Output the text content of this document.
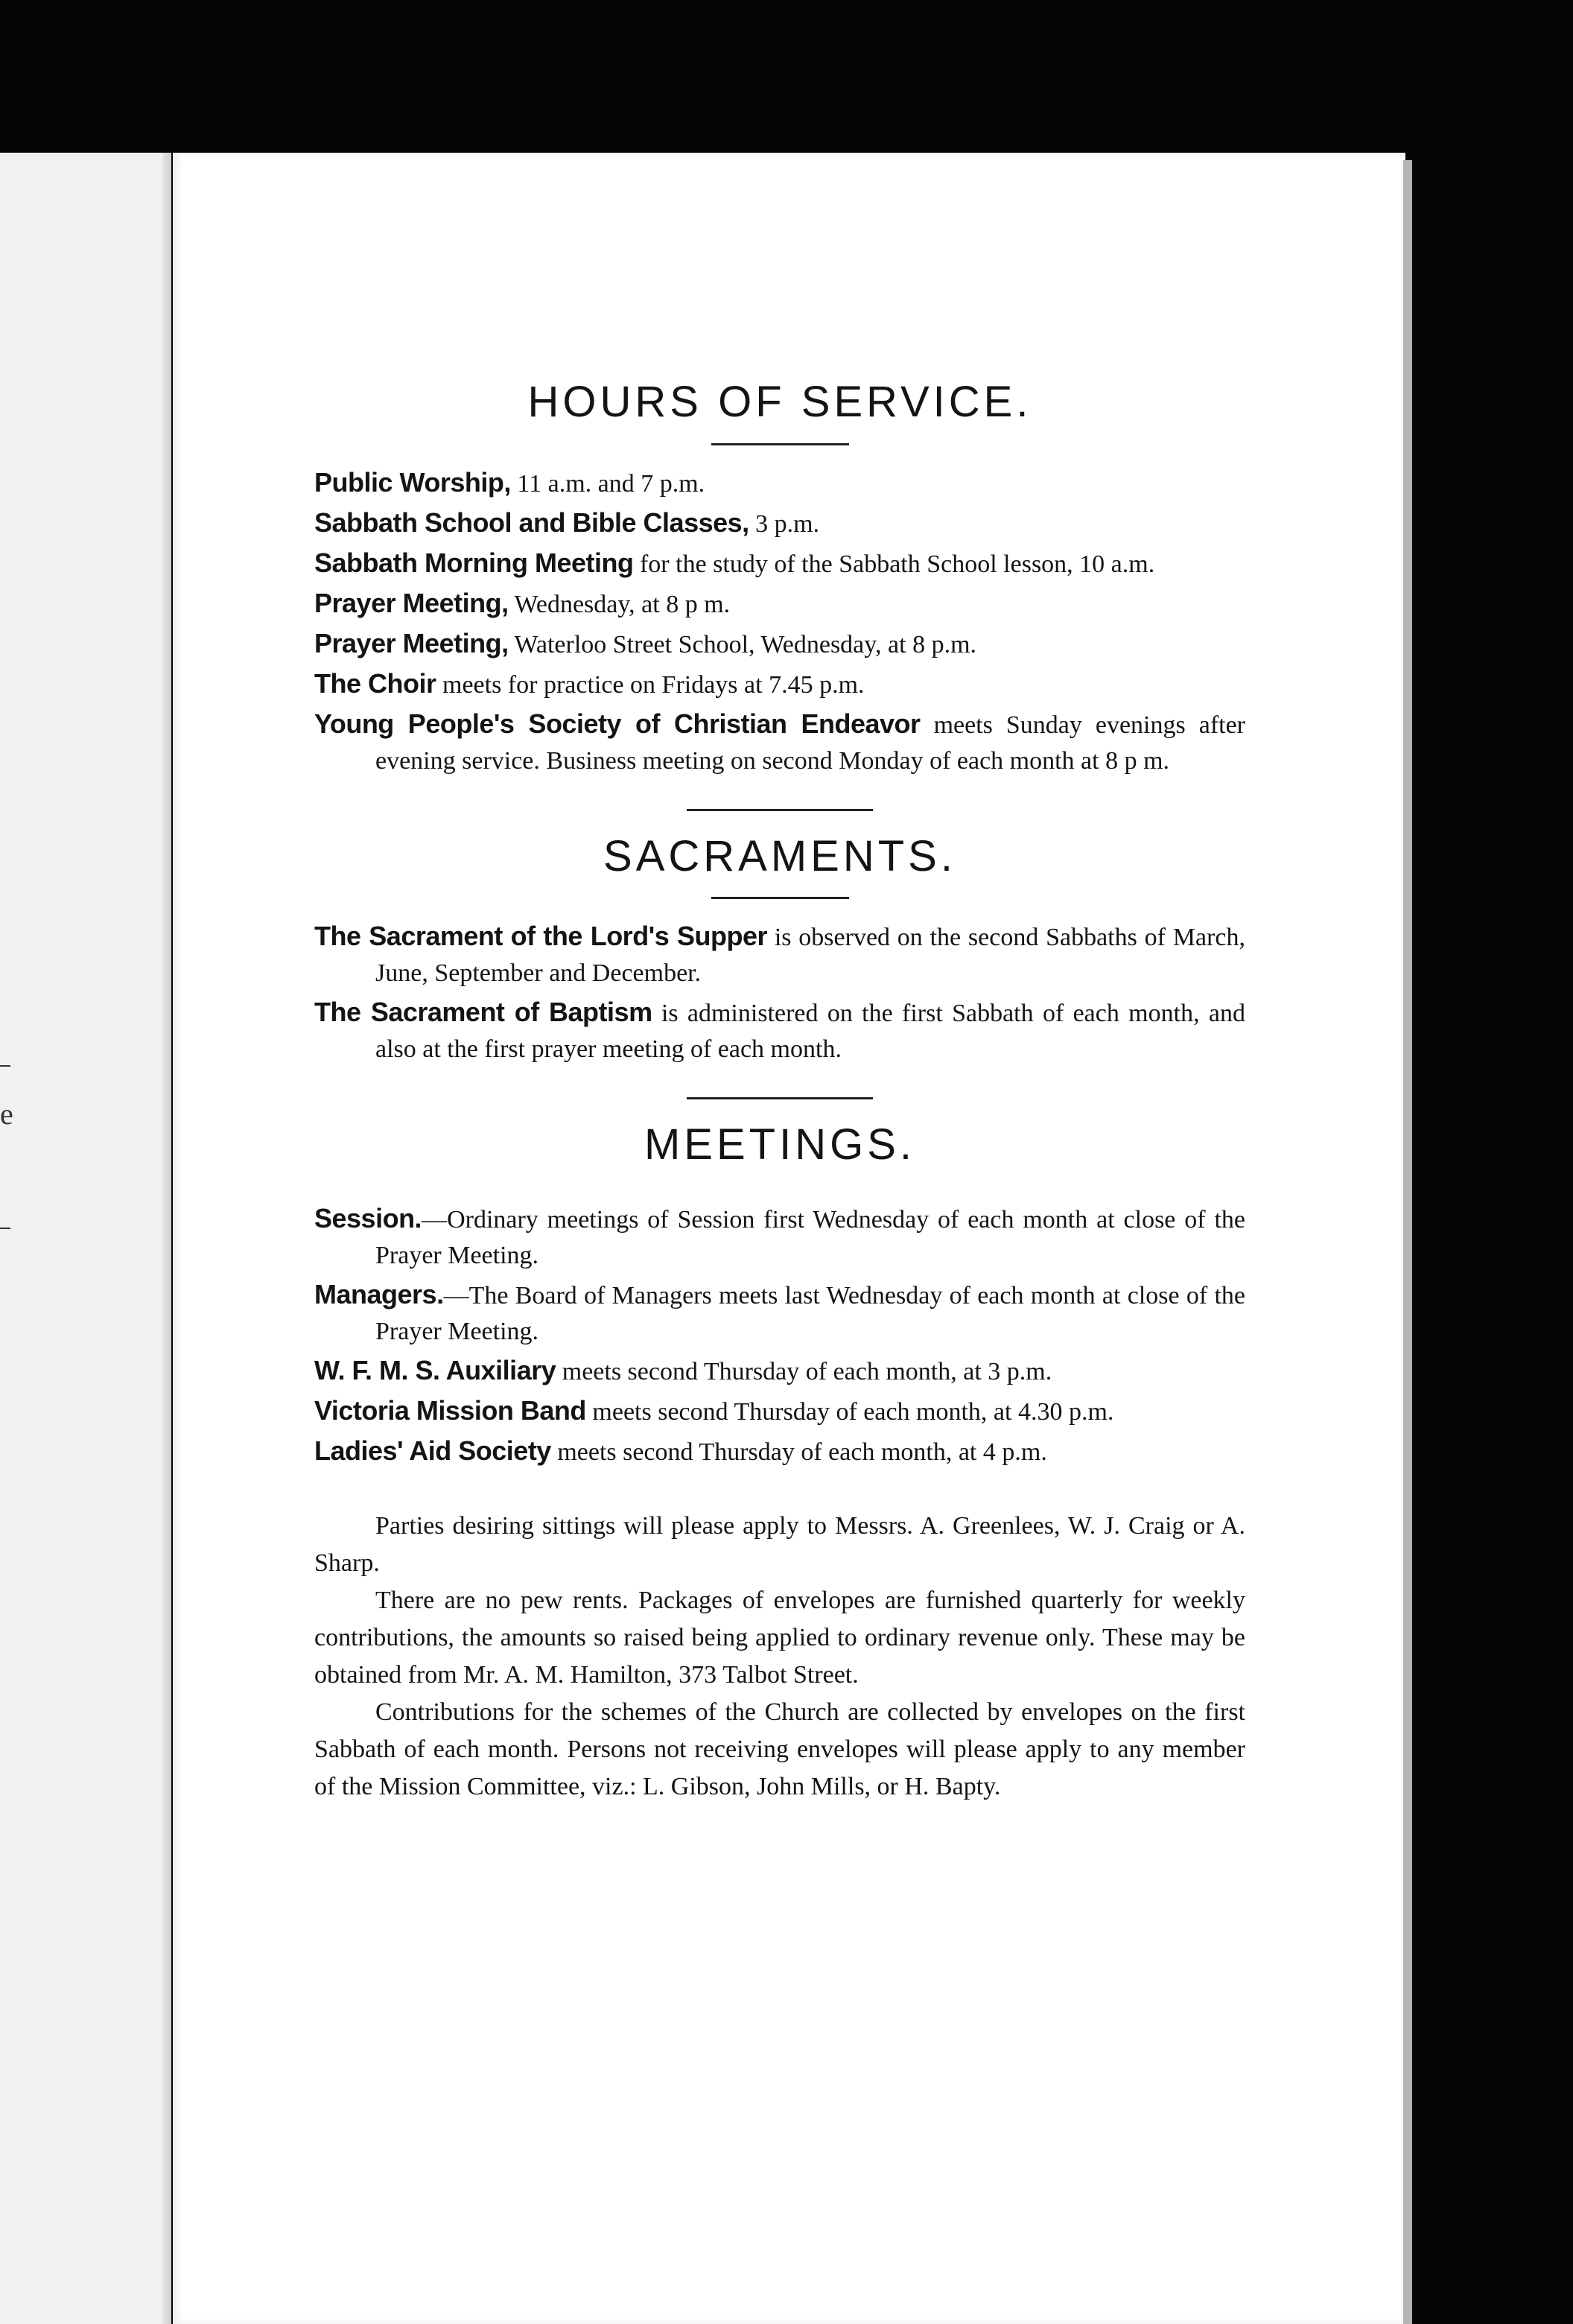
e
HOURS OF SERVICE.

Public Worship, 11 a.m. and 7 p.m.

Sabbath School and Bible Classes, 3 p.m.

Sabbath Morning Meeting for the study of the Sabbath School lesson, 10 a.m.

Prayer Meeting, Wednesday, at 8 p m.

Prayer Meeting, Waterloo Street School, Wednesday, at 8 p.m.

The Choir meets for practice on Fridays at 7.45 p.m.

Young People's Society of Christian Endeavor meets Sunday evenings after evening service. Business meeting on second Monday of each month at 8 p m.

SACRAMENTS.

The Sacrament of the Lord's Supper is observed on the second Sabbaths of March, June, September and December.

The Sacrament of Baptism is administered on the first Sabbath of each month, and also at the first prayer meeting of each month.

MEETINGS.

Session.—Ordinary meetings of Session first Wednesday of each month at close of the Prayer Meeting.

Managers.—The Board of Managers meets last Wednesday of each month at close of the Prayer Meeting.

W. F. M. S. Auxiliary meets second Thursday of each month, at 3 p.m.

Victoria Mission Band meets second Thursday of each month, at 4.30 p.m.

Ladies' Aid Society meets second Thursday of each month, at 4 p.m.

Parties desiring sittings will please apply to Messrs. A. Greenlees, W. J. Craig or A. Sharp.

There are no pew rents. Packages of envelopes are furnished quarterly for weekly contributions, the amounts so raised being applied to ordinary revenue only. These may be obtained from Mr. A. M. Hamilton, 373 Talbot Street.

Contributions for the schemes of the Church are collected by envelopes on the first Sabbath of each month. Persons not receiving envelopes will please apply to any member of the Mission Committee, viz.: L. Gibson, John Mills, or H. Bapty.
